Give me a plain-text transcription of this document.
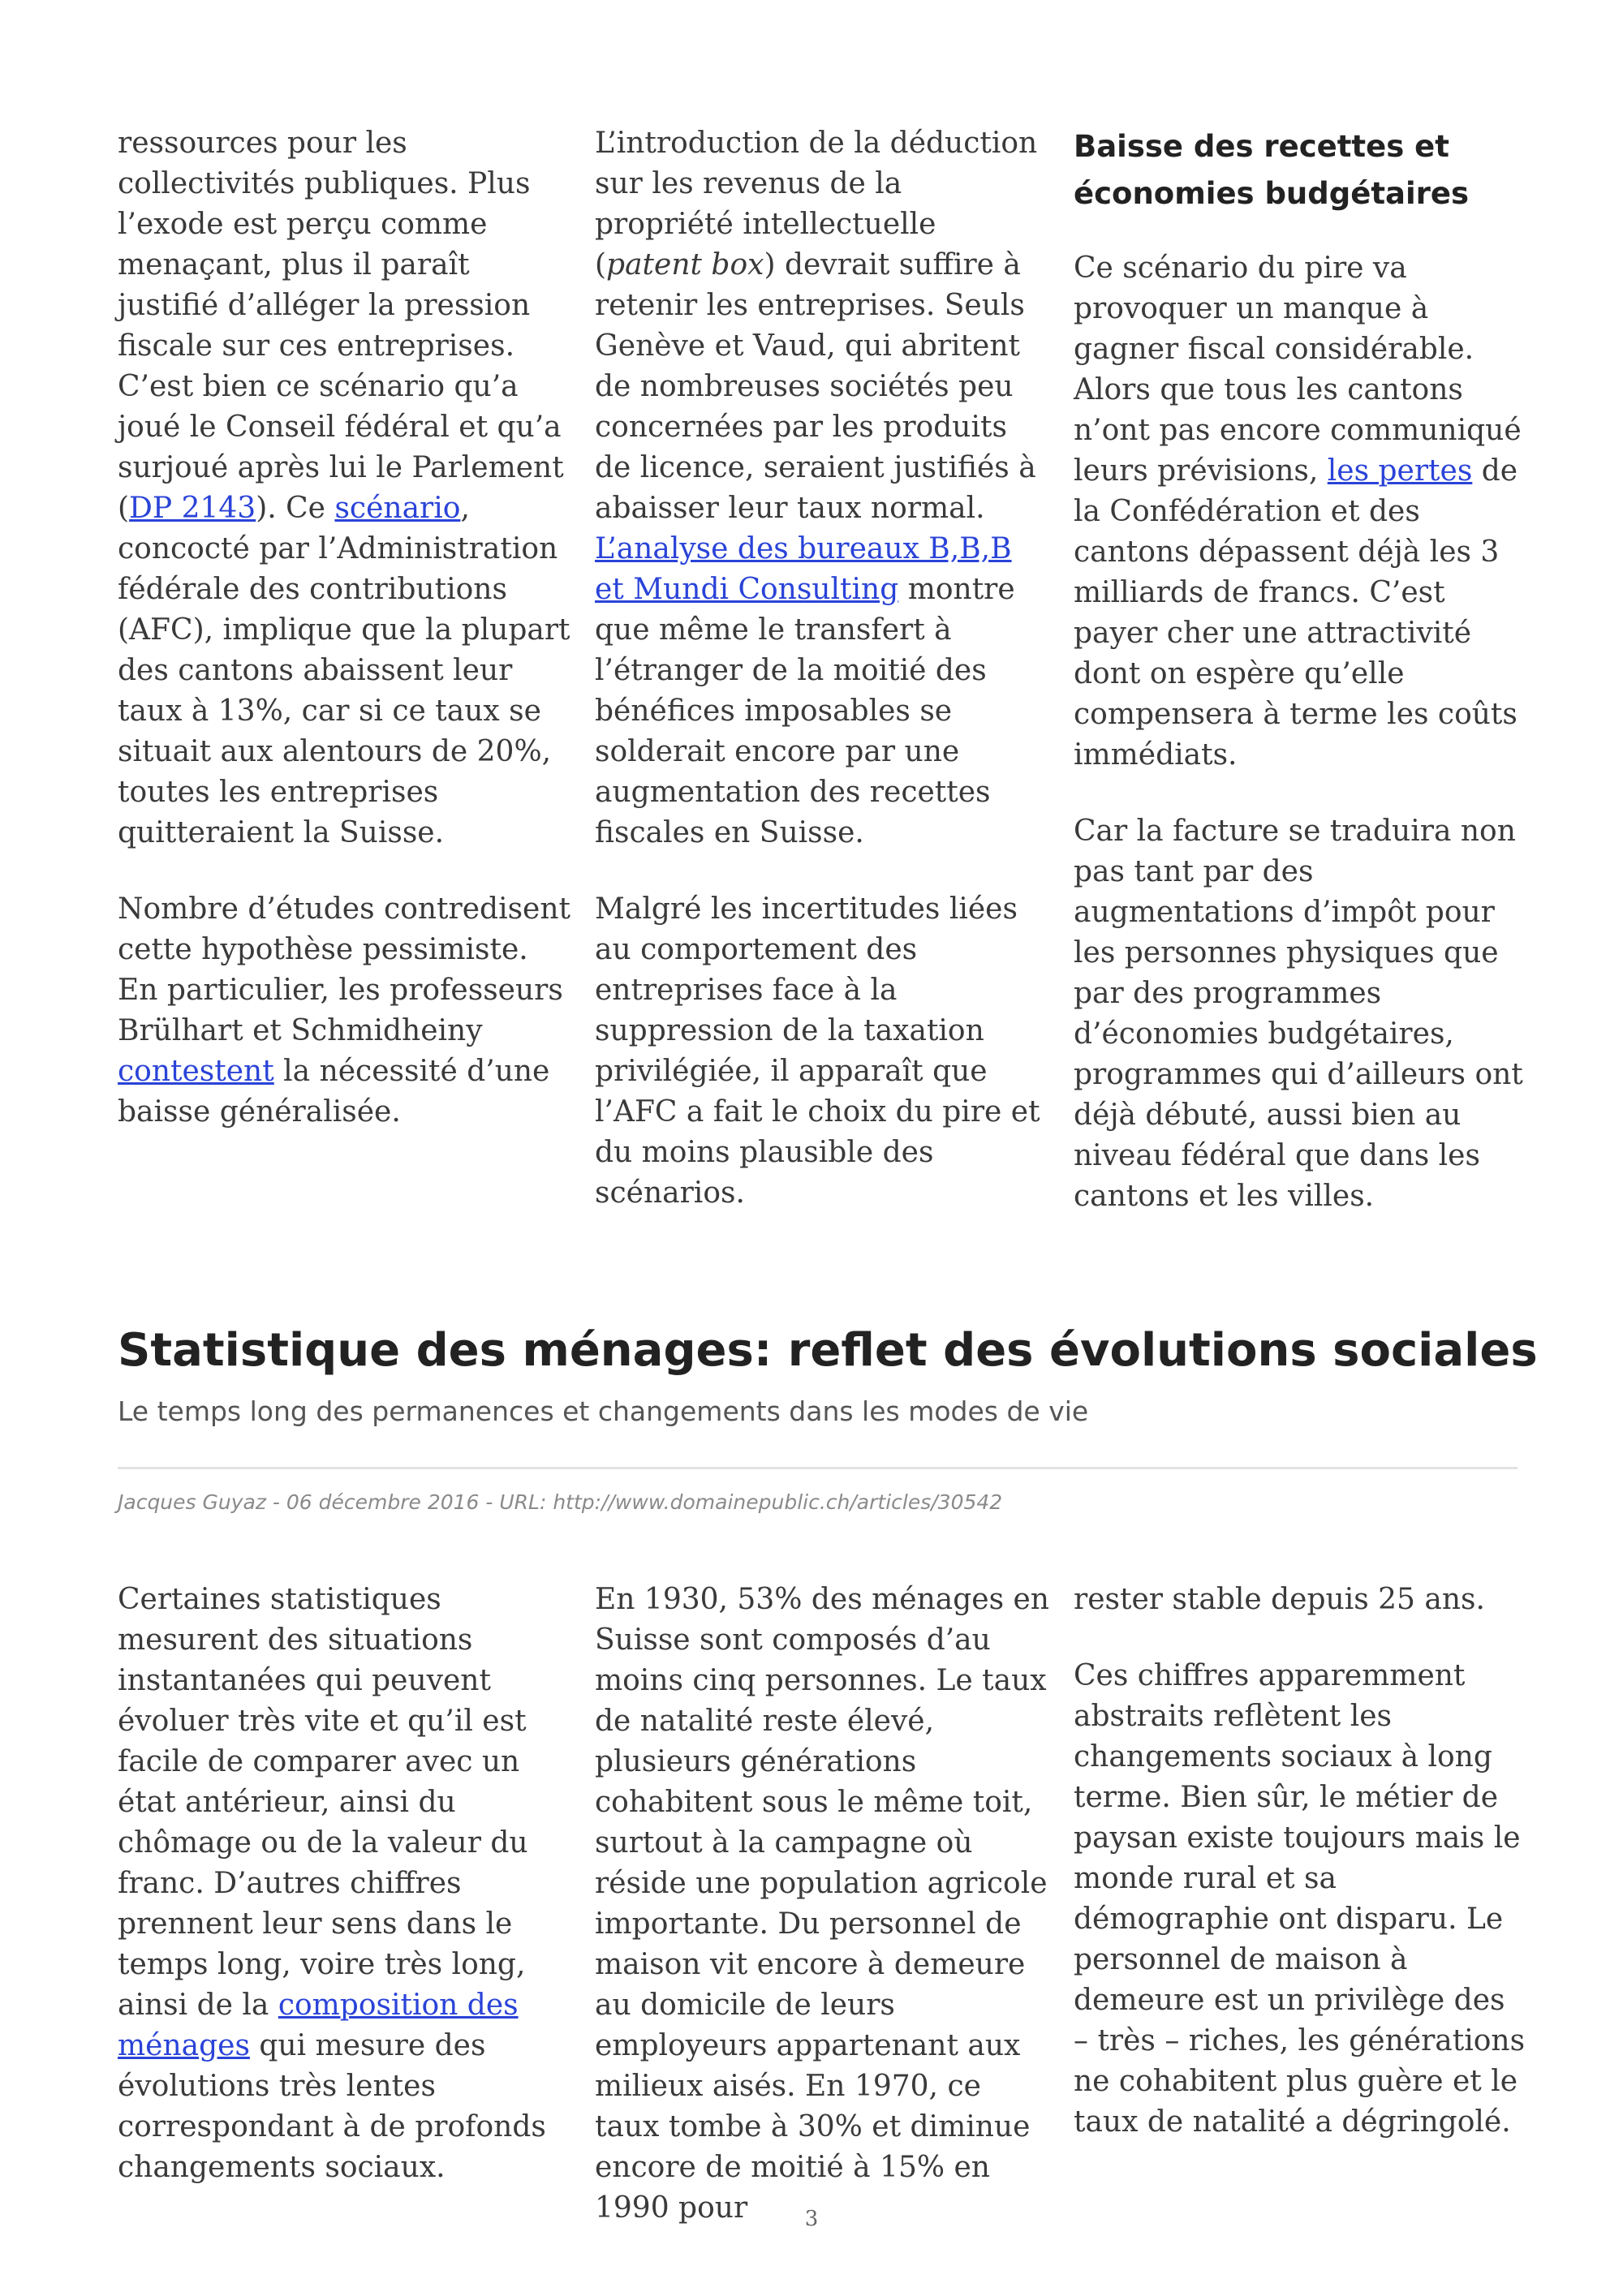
ressources pour les collectivités publiques. Plus l’exode est perçu comme menaçant, plus il paraît justifié d’alléger la pression fiscale sur ces entreprises. C’est bien ce scénario qu’a joué le Conseil fédéral et qu’a surjoué après lui le Parlement (DP 2143). Ce scénario, concocté par l’Administration fédérale des contributions (AFC), implique que la plupart des cantons abaissent leur taux à 13%, car si ce taux se situait aux alentours de 20%, toutes les entreprises quitteraient la Suisse.

Nombre d’études contredisent cette hypothèse pessimiste. En particulier, les professeurs Brülhart et Schmidheiny contestent la nécessité d’une baisse généralisée.

L’introduction de la déduction sur les revenus de la propriété intellectuelle (patent box) devrait suffire à retenir les entreprises. Seuls Genève et Vaud, qui abritent de nombreuses sociétés peu concernées par les produits de licence, seraient justifiés à abaisser leur taux normal. L’analyse des bureaux B,B,B et Mundi Consulting montre que même le transfert à l’étranger de la moitié des bénéfices imposables se solderait encore par une augmentation des recettes fiscales en Suisse.

Malgré les incertitudes liées au comportement des entreprises face à la suppression de la taxation privilégiée, il apparaît que l’AFC a fait le choix du pire et du moins plausible des scénarios.

Baisse des recettes et économies budgétaires

Ce scénario du pire va provoquer un manque à gagner fiscal considérable. Alors que tous les cantons n’ont pas encore communiqué leurs prévisions, les pertes de la Confédération et des cantons dépassent déjà les 3 milliards de francs. C’est payer cher une attractivité dont on espère qu’elle compensera à terme les coûts immédiats.

Car la facture se traduira non pas tant par des augmentations d’impôt pour les personnes physiques que par des programmes d’économies budgétaires, programmes qui d’ailleurs ont déjà débuté, aussi bien au niveau fédéral que dans les cantons et les villes.

Statistique des ménages: reflet des évolutions sociales

Le temps long des permanences et changements dans les modes de vie

Jacques Guyaz - 06 décembre 2016 - URL: http://www.domainepublic.ch/articles/30542

Certaines statistiques mesurent des situations instantanées qui peuvent évoluer très vite et qu’il est facile de comparer avec un état antérieur, ainsi du chômage ou de la valeur du franc. D’autres chiffres prennent leur sens dans le temps long, voire très long, ainsi de la composition des ménages qui mesure des évolutions très lentes correspondant à de profonds changements sociaux.

En 1930, 53% des ménages en Suisse sont composés d’au moins cinq personnes. Le taux de natalité reste élevé, plusieurs générations cohabitent sous le même toit, surtout à la campagne où réside une population agricole importante. Du personnel de maison vit encore à demeure au domicile de leurs employeurs appartenant aux milieux aisés. En 1970, ce taux tombe à 30% et diminue encore de moitié à 15% en 1990 pour

rester stable depuis 25 ans.

Ces chiffres apparemment abstraits reflètent les changements sociaux à long terme. Bien sûr, le métier de paysan existe toujours mais le monde rural et sa démographie ont disparu. Le personnel de maison à demeure est un privilège des – très – riches, les générations ne cohabitent plus guère et le taux de natalité a dégringolé.

3
